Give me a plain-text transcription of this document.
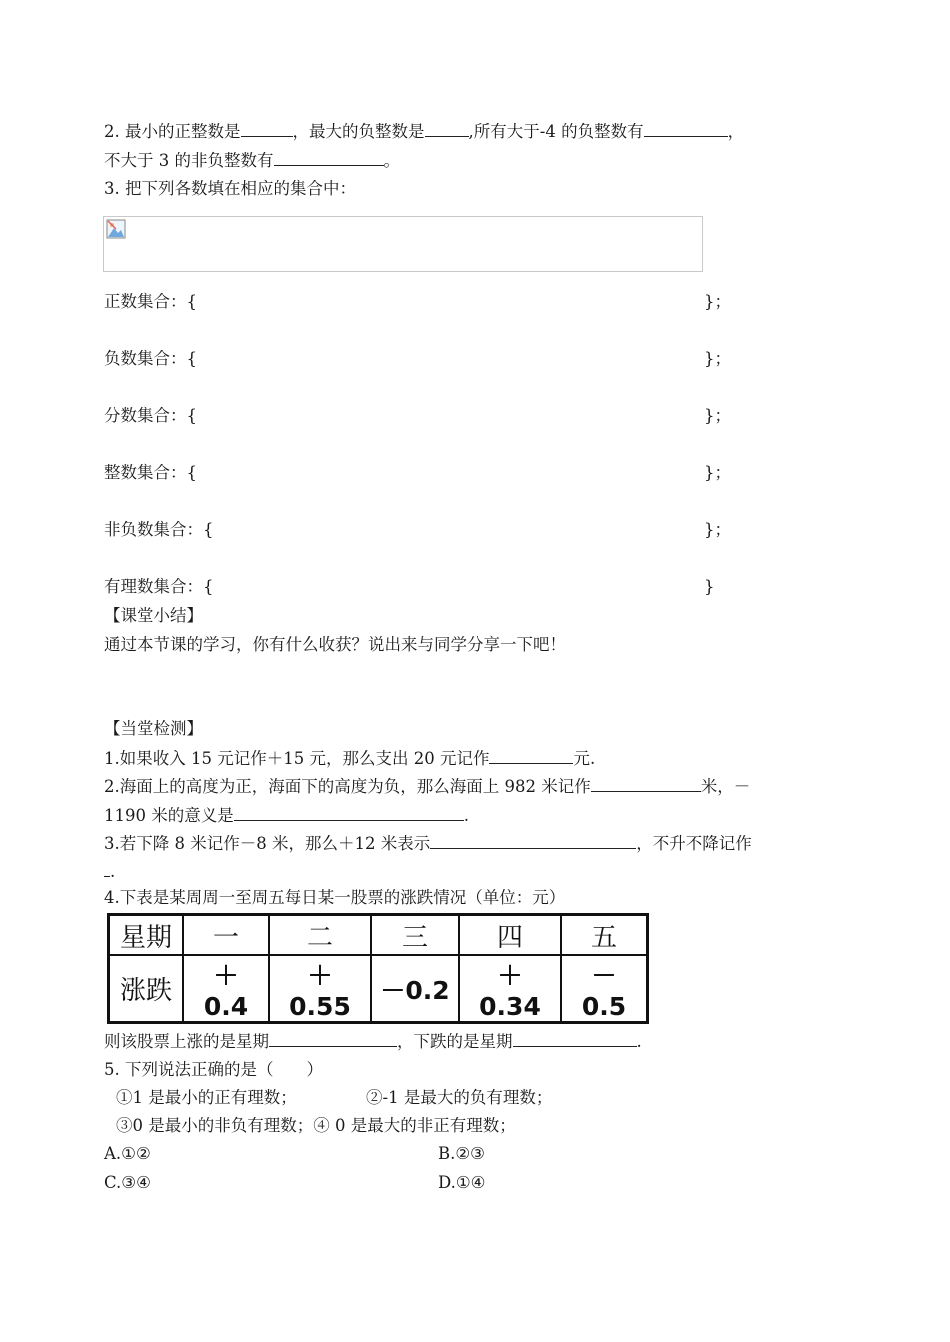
2. 最小的正整数是	，最大的负整数是	,所有大于-4 的负整数有	，
不大于 3 的非负整数有	。
3. 把下列各数填在相应的集合中：
正数集合：{	}；
负数集合：{	}；
分数集合：{	}；
整数集合：{	}；
非负数集合：{	}；
有理数集合：{	}
【课堂小结】
通过本节课的学习，你有什么收获？说出来与同学分享一下吧！
【当堂检测】
1.如果收入 15 元记作＋15 元，那么支出 20 元记作	元.
2.海面上的高度为正，海面下的高度为负，那么海面上 982 米记作	米，－
1190 米的意义是	.
3.若下降 8 米记作－8 米，那么＋12 米表示	，不升不降记作
.
4.下表是某周周一至周五每日某一股票的涨跌情况（单位：元）
星期	一	二	三	四	五
涨跌	＋0.4	＋0.55	－0.2	＋0.34	－0.5
则该股票上涨的是星期	，下跌的是星期	.
5. 下列说法正确的是（　　）
①1 是最小的正有理数；	②-1 是最大的负有理数；
③0 是最小的非负有理数；④ 0 是最大的非正有理数；
A.①②	B.②③
C.③④	D.①④
